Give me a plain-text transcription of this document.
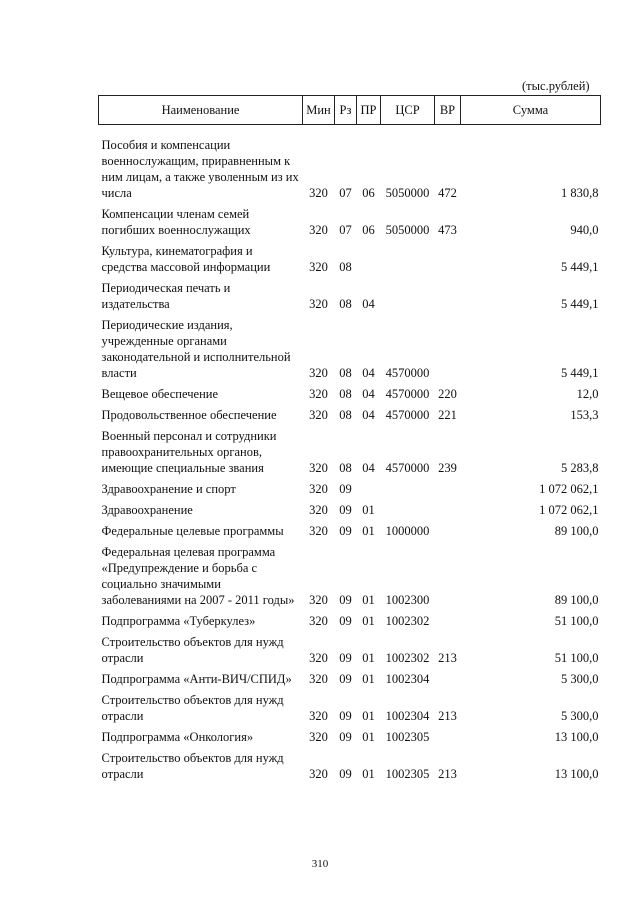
(тыс.рублей)
Наименование	Мин	Рз	ПР	ЦСР	ВР	Сумма
Пособия и компенсации военнослужащим, приравненным к ним лицам, а также уволенным из их числа	320	07	06	5050000	472	1 830,8
Компенсации членам семей погибших военнослужащих	320	07	06	5050000	473	940,0
Культура, кинематография и средства массовой информации	320	08				5 449,1
Периодическая печать и издательства	320	08	04			5 449,1
Периодические издания, учрежденные органами законодательной и исполнительной власти	320	08	04	4570000		5 449,1
Вещевое обеспечение	320	08	04	4570000	220	12,0
Продовольственное обеспечение	320	08	04	4570000	221	153,3
Военный персонал и сотрудники правоохранительных органов, имеющие специальные звания	320	08	04	4570000	239	5 283,8
Здравоохранение и спорт	320	09				1 072 062,1
Здравоохранение	320	09	01			1 072 062,1
Федеральные целевые программы	320	09	01	1000000		89 100,0
Федеральная целевая программа «Предупреждение и борьба с социально значимыми заболеваниями на 2007 - 2011 годы»	320	09	01	1002300		89 100,0
Подпрограмма «Туберкулез»	320	09	01	1002302		51 100,0
Строительство объектов для нужд отрасли	320	09	01	1002302	213	51 100,0
Подпрограмма «Анти-ВИЧ/СПИД»	320	09	01	1002304		5 300,0
Строительство объектов для нужд отрасли	320	09	01	1002304	213	5 300,0
Подпрограмма «Онкология»	320	09	01	1002305		13 100,0
Строительство объектов для нужд отрасли	320	09	01	1002305	213	13 100,0
310
